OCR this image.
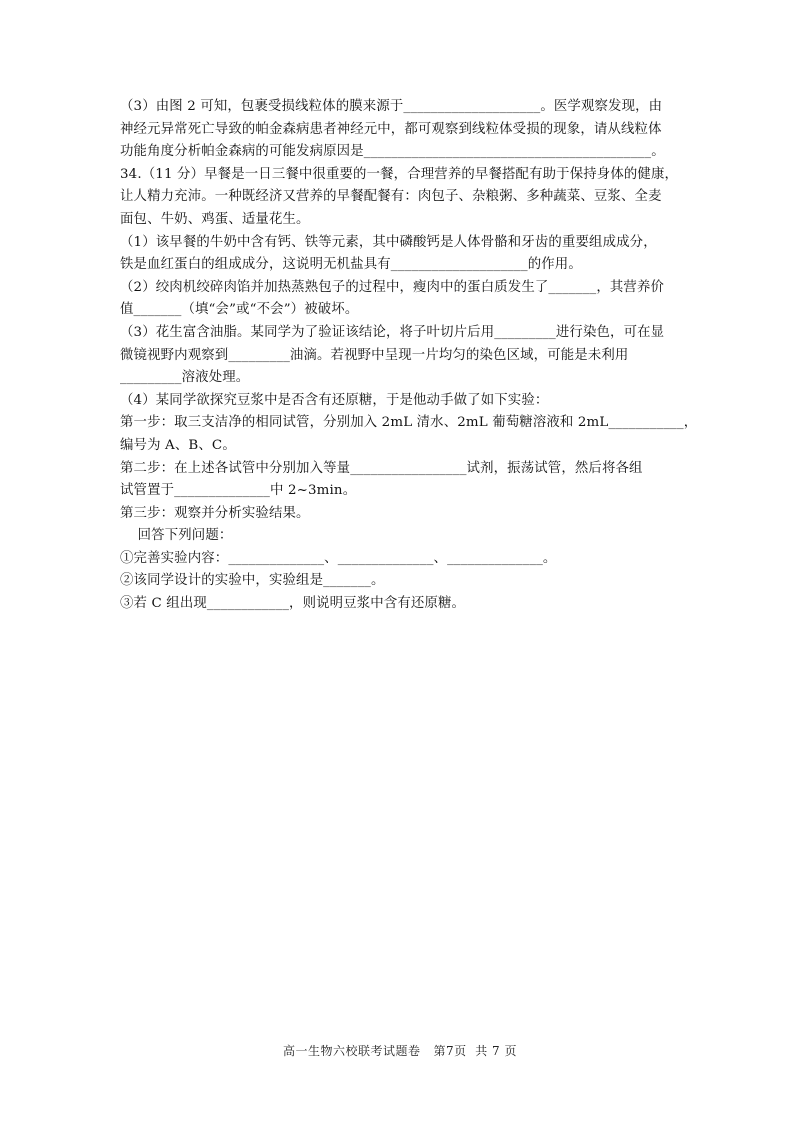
（3）由图 2 可知，包裹受损线粒体的膜来源于____________________。医学观察发现，由
神经元异常死亡导致的帕金森病患者神经元中，都可观察到线粒体受损的现象，请从线粒体
功能角度分析帕金森病的可能发病原因是__________________________________________。
34.（11 分）早餐是一日三餐中很重要的一餐，合理营养的早餐搭配有助于保持身体的健康，
让人精力充沛。一种既经济又营养的早餐配餐有：肉包子、杂粮粥、多种蔬菜、豆浆、全麦
面包、牛奶、鸡蛋、适量花生。
（1）该早餐的牛奶中含有钙、铁等元素，其中磷酸钙是人体骨骼和牙齿的重要组成成分，
铁是血红蛋白的组成成分，这说明无机盐具有____________________的作用。
（2）绞肉机绞碎肉馅并加热蒸熟包子的过程中，瘦肉中的蛋白质发生了_______，其营养价
值_______（填“会”或“不会”）被破坏。
（3）花生富含油脂。某同学为了验证该结论，将子叶切片后用_________进行染色，可在显
微镜视野内观察到_________油滴。若视野中呈现一片均匀的染色区域，可能是未利用
_________溶液处理。
（4）某同学欲探究豆浆中是否含有还原糖，于是他动手做了如下实验：
第一步：取三支洁净的相同试管，分别加入 2mL 清水、2mL 葡萄糖溶液和 2mL___________，
编号为 A、B、C。
第二步：在上述各试管中分别加入等量_________________试剂，振荡试管，然后将各组
试管置于______________中 2~3min。
第三步：观察并分析实验结果。
回答下列问题：
①完善实验内容：______________、______________、______________。
②该同学设计的实验中，实验组是_______。
③若 C 组出现____________，则说明豆浆中含有还原糖。
高一生物六校联考试题卷   第7页  共 7 页
